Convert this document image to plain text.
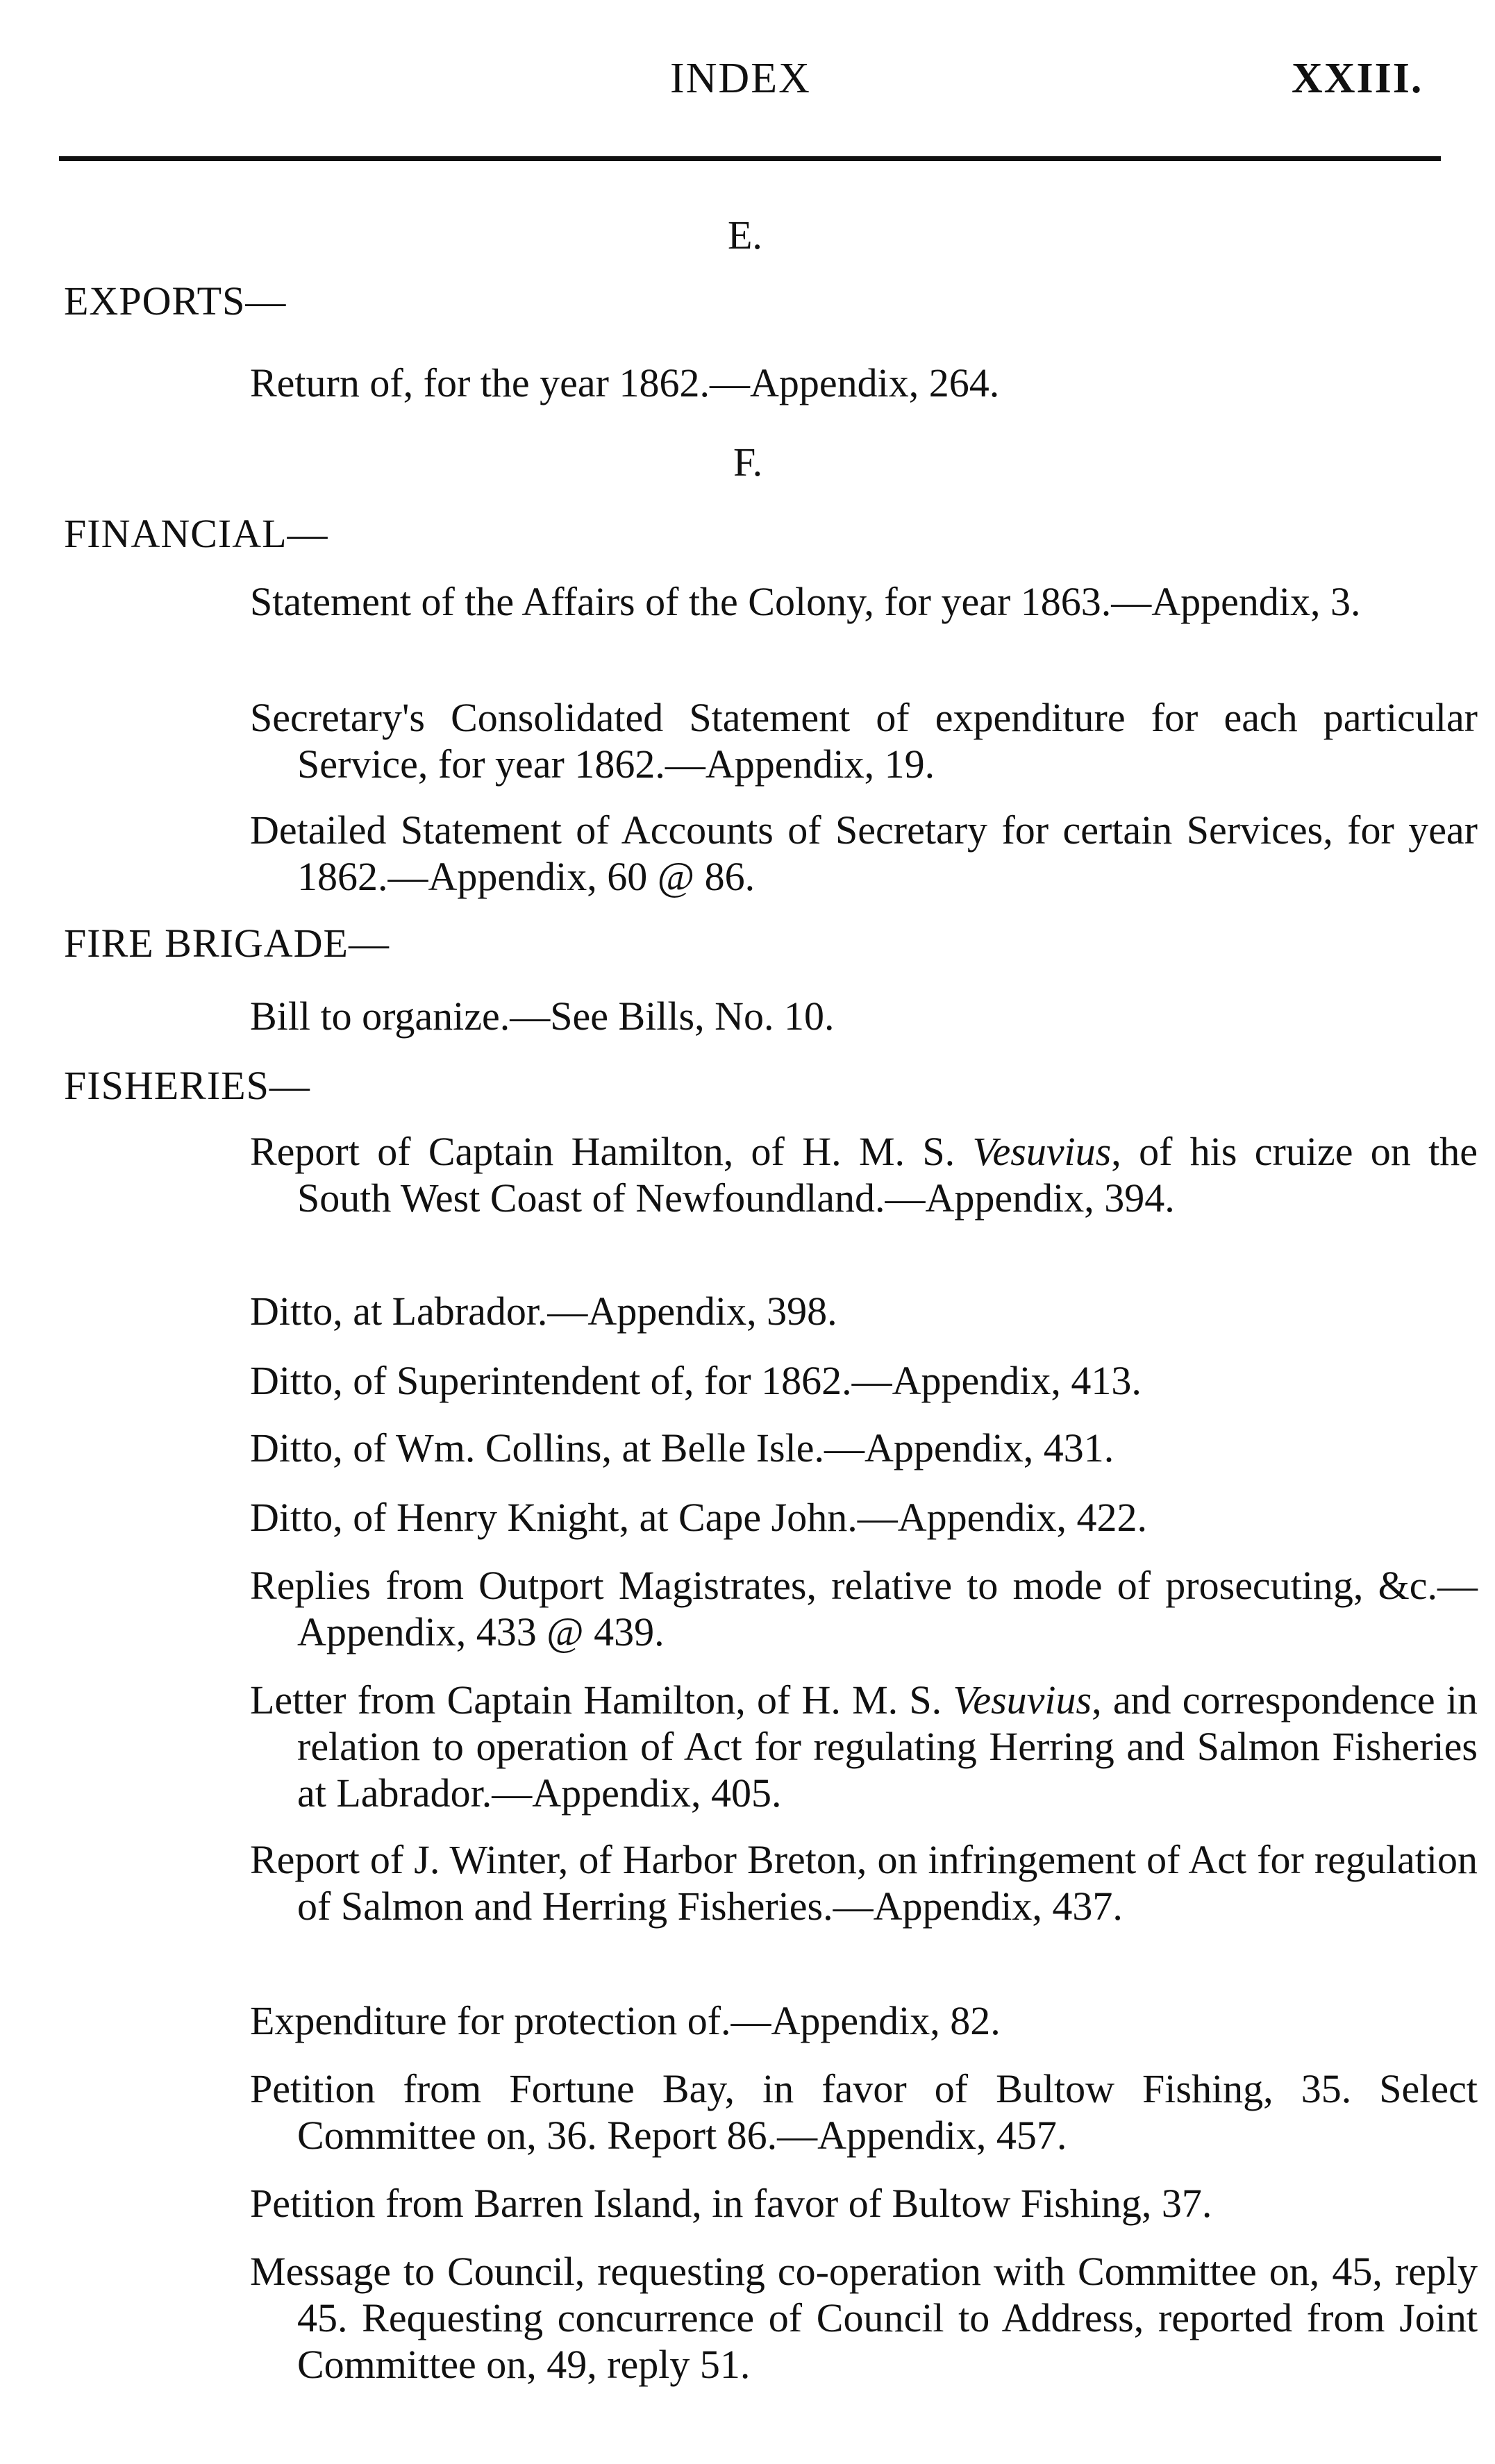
INDEX	XXIII.
E.
EXPORTS—
Return of, for the year 1862.—Appendix, 264.
F.
FINANCIAL—
Statement of the Affairs of the Colony, for year 1863.—Appendix, 3.
Secretary's Consolidated Statement of expenditure for each particular Service, for year 1862.—Appendix, 19.
Detailed Statement of Accounts of Secretary for certain Services, for year 1862.—Appendix, 60 @ 86.
FIRE BRIGADE—
Bill to organize.—See Bills, No. 10.
FISHERIES—
Report of Captain Hamilton, of H. M. S. Vesuvius, of his cruize on the South West Coast of Newfoundland.—Appendix, 394.
Ditto, at Labrador.—Appendix, 398.
Ditto, of Superintendent of, for 1862.—Appendix, 413.
Ditto, of Wm. Collins, at Belle Isle.—Appendix, 431.
Ditto, of Henry Knight, at Cape John.—Appendix, 422.
Replies from Outport Magistrates, relative to mode of prosecuting, &c.—Appendix, 433 @ 439.
Letter from Captain Hamilton, of H. M. S. Vesuvius, and correspondence in relation to operation of Act for regulating Herring and Salmon Fisheries at Labrador.—Appendix, 405.
Report of J. Winter, of Harbor Breton, on infringement of Act for regulation of Salmon and Herring Fisheries.—Appendix, 437.
Expenditure for protection of.—Appendix, 82.
Petition from Fortune Bay, in favor of Bultow Fishing, 35. Select Committee on, 36. Report 86.—Appendix, 457.
Petition from Barren Island, in favor of Bultow Fishing, 37.
Message to Council, requesting co-operation with Committee on, 45, reply 45. Requesting concurrence of Council to Address, reported from Joint Committee on, 49, reply 51.
